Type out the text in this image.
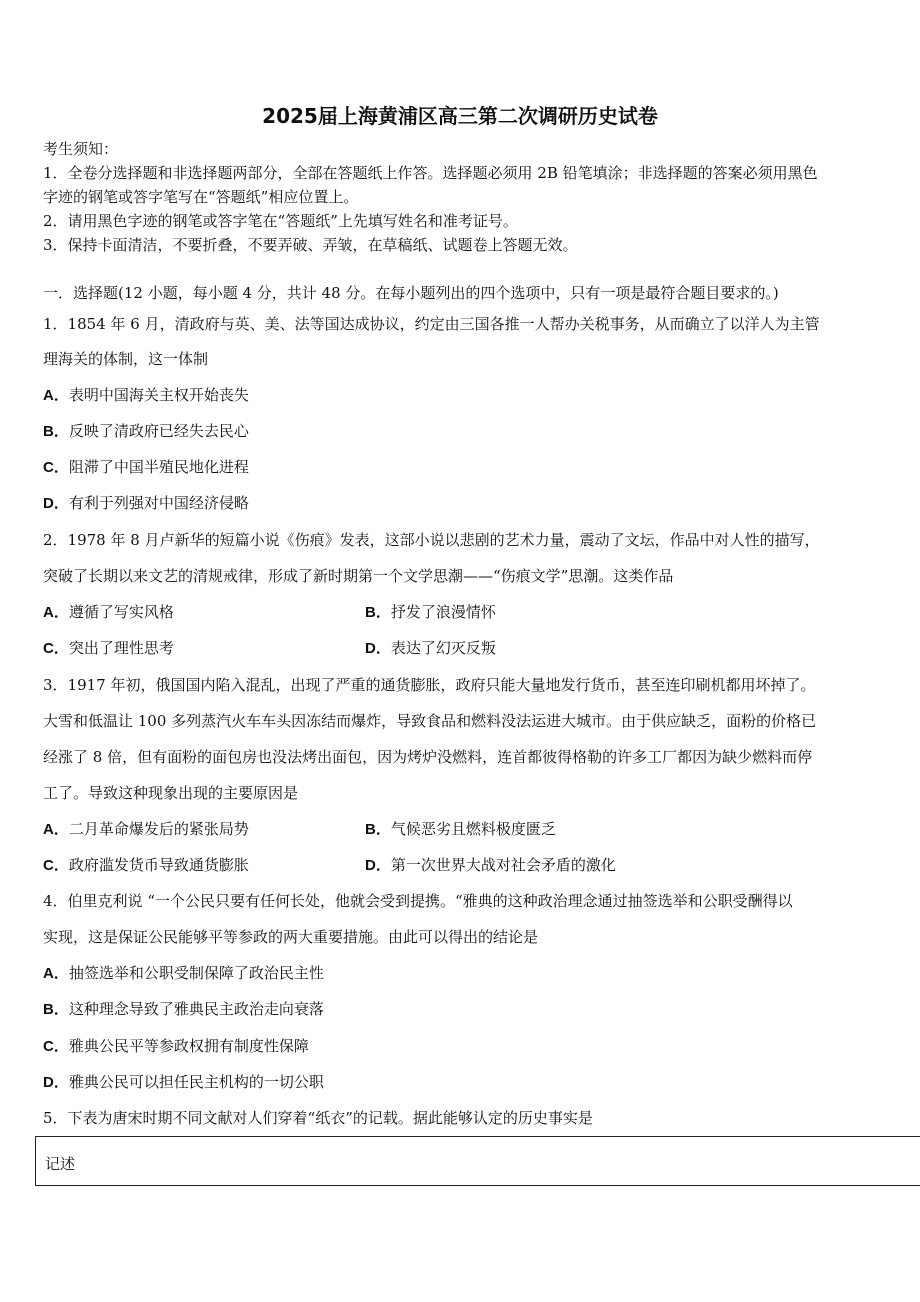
2025届上海黄浦区高三第二次调研历史试卷
考生须知：
1．全卷分选择题和非选择题两部分，全部在答题纸上作答。选择题必须用 2B 铅笔填涂；非选择题的答案必须用黑色
字迹的钢笔或答字笔写在“答题纸”相应位置上。
2．请用黑色字迹的钢笔或答字笔在“答题纸”上先填写姓名和准考证号。
3．保持卡面清洁，不要折叠，不要弄破、弄皱，在草稿纸、试题卷上答题无效。
一．选择题(12 小题，每小题 4 分，共计 48 分。在每小题列出的四个选项中，只有一项是最符合题目要求的。)
1．1854 年 6 月，清政府与英、美、法等国达成协议，约定由三国各推一人帮办关税事务，从而确立了以洋人为主管
理海关的体制，这一体制
A．表明中国海关主权开始丧失
B．反映了清政府已经失去民心
C．阻滞了中国半殖民地化进程
D．有利于列强对中国经济侵略
2．1978 年 8 月卢新华的短篇小说《伤痕》发表，这部小说以悲剧的艺术力量，震动了文坛，作品中对人性的描写，
突破了长期以来文艺的清规戒律，形成了新时期第一个文学思潮——“伤痕文学”思潮。这类作品
A．遵循了写实风格	B．抒发了浪漫情怀
C．突出了理性思考	D．表达了幻灭反叛
3．1917 年初，俄国国内陷入混乱，出现了严重的通货膨胀，政府只能大量地发行货币，甚至连印刷机都用坏掉了。
大雪和低温让 100 多列蒸汽火车车头因冻结而爆炸，导致食品和燃料没法运进大城市。由于供应缺乏，面粉的价格已
经涨了 8 倍，但有面粉的面包房也没法烤出面包，因为烤炉没燃料，连首都彼得格勒的许多工厂都因为缺少燃料而停
工了。导致这种现象出现的主要原因是
A．二月革命爆发后的紧张局势	B．气候恶劣且燃料极度匮乏
C．政府滥发货币导致通货膨胀	D．第一次世界大战对社会矛盾的激化
4．伯里克利说 “一个公民只要有任何长处，他就会受到提携。“雅典的这种政治理念通过抽签选举和公职受酬得以
实现，这是保证公民能够平等参政的两大重要措施。由此可以得出的结论是
A．抽签选举和公职受制保障了政治民主性
B．这种理念导致了雅典民主政治走向衰落
C．雅典公民平等参政权拥有制度性保障
D．雅典公民可以担任民主机构的一切公职
5．下表为唐宋时期不同文献对人们穿着“纸衣”的记载。据此能够认定的历史事实是
记述
